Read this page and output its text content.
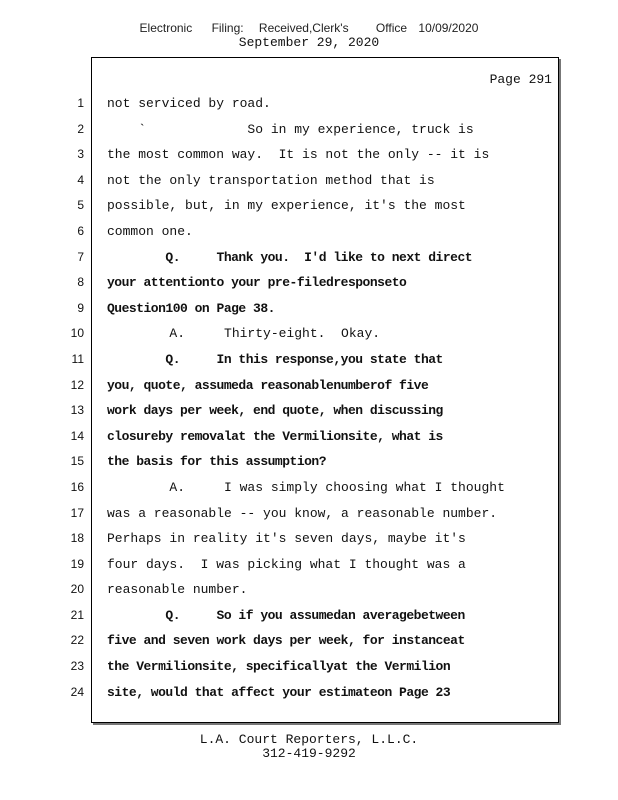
Electronic Filing: Received,Clerk's Office 10/09/2020
September 29, 2020
Page 291
1
2
3
4
5
6
7
8
9
10
11
12
13
14
15
16
17
18
19
20
21
22
23
24
not serviced by road.
`             So in my experience, truck is
the most common way.  It is not the only -- it is
not the only transportation method that is
possible, but, in my experience, it's the most
common one.
Q.     Thank you.  I'd like to next direct
your attentionto your pre-filedresponseto
Question100 on Page 38.
A.     Thirty-eight.  Okay.
Q.     In this response,you state that
you, quote, assumeda reasonablenumberof five
work days per week, end quote, when discussing
closureby removalat the Vermilionsite, what is
the basis for this assumption?
A.     I was simply choosing what I thought
was a reasonable -- you know, a reasonable number.
Perhaps in reality it's seven days, maybe it's
four days.  I was picking what I thought was a
reasonable number.
Q.     So if you assumedan averagebetween
five and seven work days per week, for instanceat
the Vermilionsite, specificallyat the Vermilion
site, would that affect your estimateon Page 23
L.A. Court Reporters, L.L.C.
312-419-9292
